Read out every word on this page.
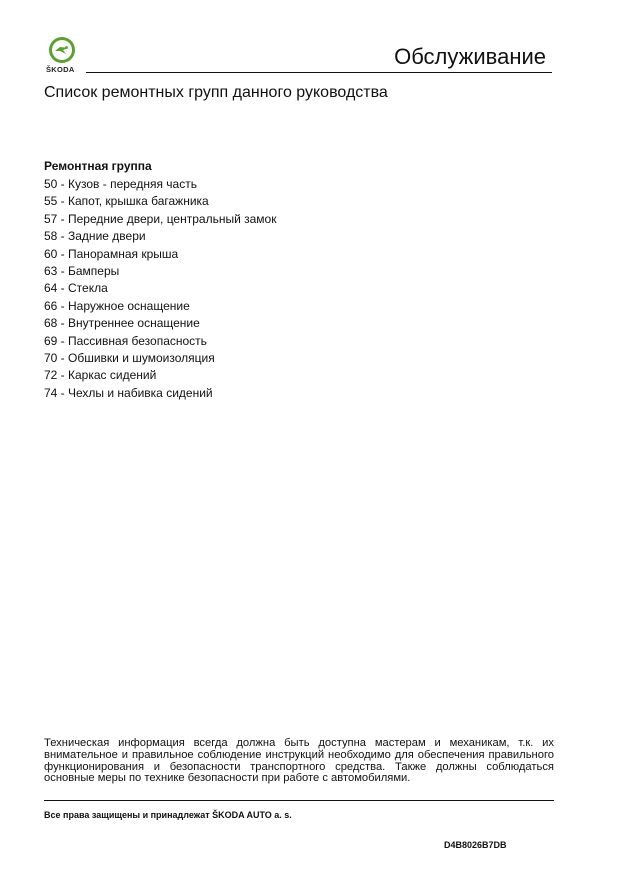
ŠKODA
Обслуживание
Список ремонтных групп данного руководства
Ремонтная группа
50 - Кузов - передняя часть
55 - Капот, крышка багажника
57 - Передние двери, центральный замок
58 - Задние двери
60 - Панорамная крыша
63 - Бамперы
64 - Стекла
66 - Наружное оснащение
68 - Внутреннее оснащение
69 - Пассивная безопасность
70 - Обшивки и шумоизоляция
72 - Каркас сидений
74 - Чехлы и набивка сидений
Техническая информация всегда должна быть доступна мастерам и механикам, т.к. их внимательное и правильное соблюдение инструкций необходимо для обеспечения правильного функционирования и безопасности транспортного средства. Также должны соблюдаться основные меры по технике безопасности при работе с автомобилями.
Все права защищены и принадлежат ŠKODA AUTO a. s.
D4B8026B7DB
